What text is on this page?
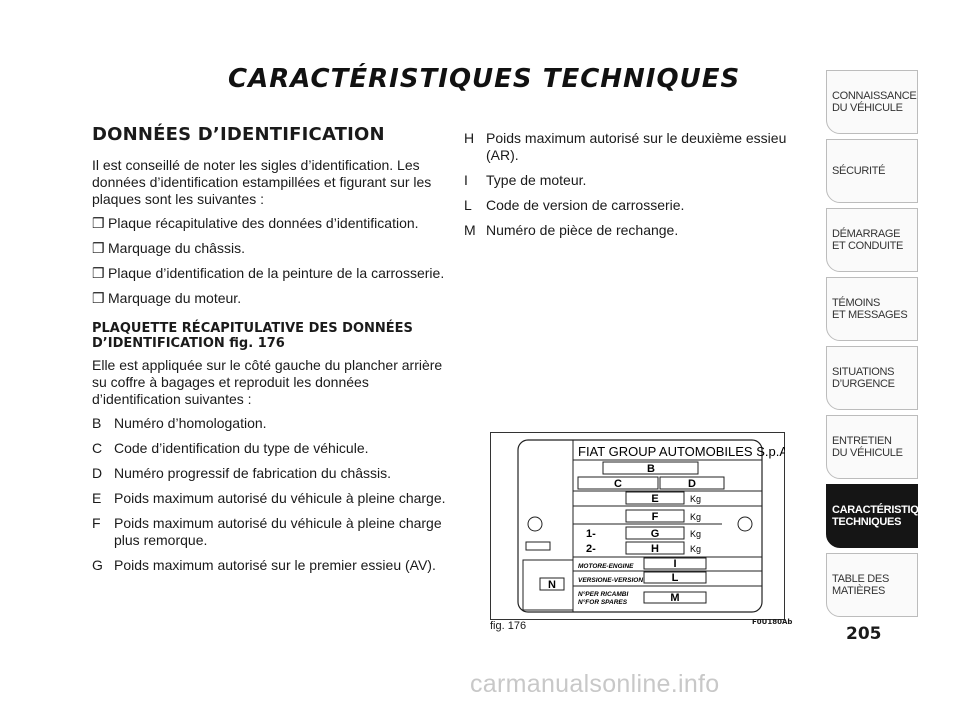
CARACTÉRISTIQUES TECHNIQUES
DONNÉES D’IDENTIFICATION

Il est conseillé de noter les sigles d’identification. Les données d’identification estampillées et figurant sur les plaques sont les suivantes :

❒ Plaque récapitulative des données d’identification.
❒ Marquage du châssis.
❒ Plaque d’identification de la peinture de la carrosserie.
❒ Marquage du moteur.
PLAQUETTE RÉCAPITULATIVE DES DONNÉES D’IDENTIFICATION fig. 176

Elle est appliquée sur le côté gauche du plancher arrière su coffre à bagages et reproduit les données d’identification suivantes :

B Numéro d’homologation.
C Code d’identification du type de véhicule.
D Numéro progressif de fabrication du châssis.
E Poids maximum autorisé du véhicule à pleine charge.
F Poids maximum autorisé du véhicule à pleine charge plus remorque.
G Poids maximum autorisé sur le premier essieu (AV).
H Poids maximum autorisé sur le deuxième essieu (AR).
I	Type de moteur.
L	Code de version de carrosserie.
M Numéro de pièce de rechange.
N
FIAT GROUP AUTOMOBILES S.p.A.
B
C	D
E	Kg
F	Kg
1-	G	Kg
2-	H	Kg
MOTORE-ENGINE	I
VERSIONE-VERSION	L
N°PER RICAMBI
N°FOR SPARES	M
fig. 176	F0U180Ab
CONNAISSANCE
DU VÉHICULE
SÉCURITÉ

DÉMARRAGE
ET CONDUITE
TÉMOINS
ET MESSAGES
SITUATIONS
D’URGENCE
ENTRETIEN
DU VÉHICULE
CARACTÉRISTIQUES
TECHNIQUES
TABLE DES
MATIÈRES
205
carmanualsonline.info
